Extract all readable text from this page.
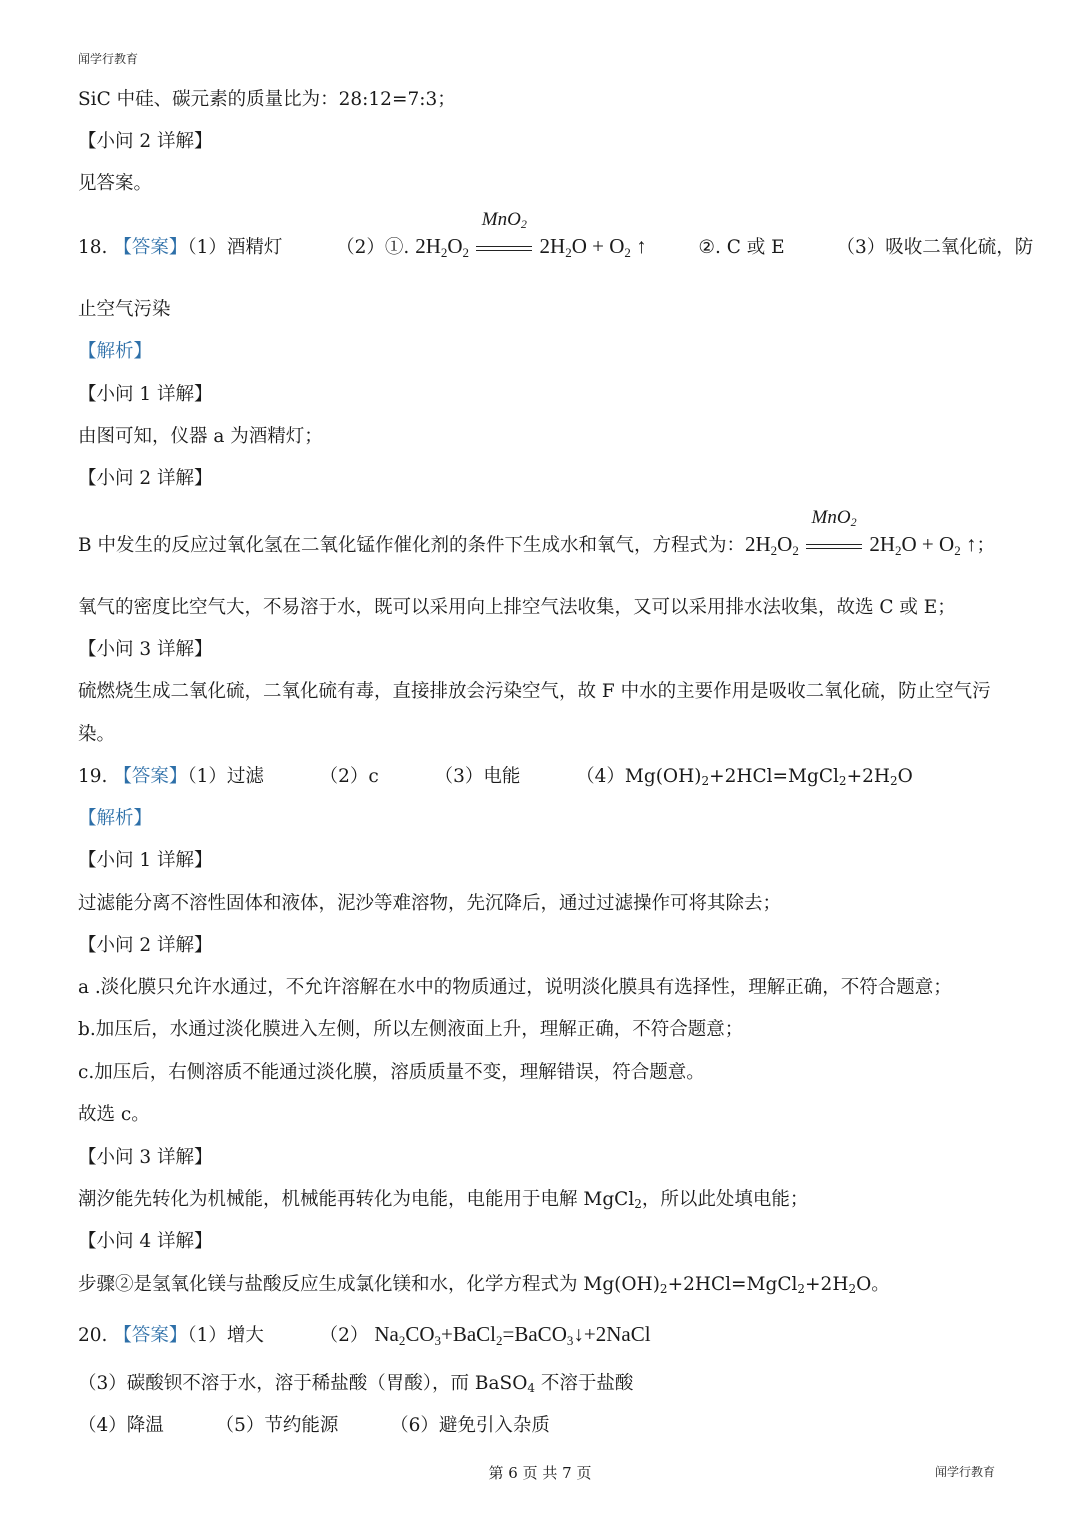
闻学行教育
SiC 中硅、碳元素的质量比为：28:12=7:3；
【小问 2 详解】
见答案。
18. 【答案】（1）酒精灯	（2）①. $2H_2O_2$
MnO$_2$
$2H_2O + O_2$ ↑	②. C 或 E	（3）吸收二氧化硫，防
止空气污染
【解析】
【小问 1 详解】
由图可知，仪器 a 为酒精灯；
【小问 2 详解】
B 中发生的反应过氧化氢在二氧化锰作催化剂的条件下生成水和氧气，方程式为：$2H_2O_2$
MnO$_2$
$2H_2O + O_2$ ↑；
氧气的密度比空气大，不易溶于水，既可以采用向上排空气法收集，又可以采用排水法收集，故选 C 或 E；
【小问 3 详解】
硫燃烧生成二氧化硫，二氧化硫有毒，直接排放会污染空气，故 F 中水的主要作用是吸收二氧化硫，防止空气污
染。
19. 【答案】（1）过滤	（2）c	（3）电能	$(4)Mg(OH)_2+2HCl=MgCl_2+2H_2O$
【解析】
【小问 1 详解】
过滤能分离不溶性固体和液体，泥沙等难溶物，先沉降后，通过过滤操作可将其除去；
【小问 2 详解】
a .淡化膜只允许水通过，不允许溶解在水中的物质通过，说明淡化膜具有选择性，理解正确，不符合题意；
b.加压后，水通过淡化膜进入左侧，所以左侧液面上升，理解正确，不符合题意；
c.加压后，右侧溶质不能通过淡化膜，溶质质量不变，理解错误，符合题意。
故选 c。
【小问 3 详解】
潮汐能先转化为机械能，机械能再转化为电能，电能用于电解 MgCl$_2$，所以此处填电能；
【小问 4 详解】
步骤②是氢氧化镁与盐酸反应生成氯化镁和水，化学方程式为 $Mg(OH)_2+2HCl=MgCl_2+2H_2O$。
20. 【答案】（1）增大	（2） $Na_2CO_3+BaCl_2=BaCO_3↓+2NaCl$
（3）碳酸钡不溶于水，溶于稀盐酸（胃酸），而 BaSO$_4$ 不溶于盐酸
（4）降温	（5）节约能源	（6）避免引入杂质
第 6 页 共 7 页	闻学行教育
